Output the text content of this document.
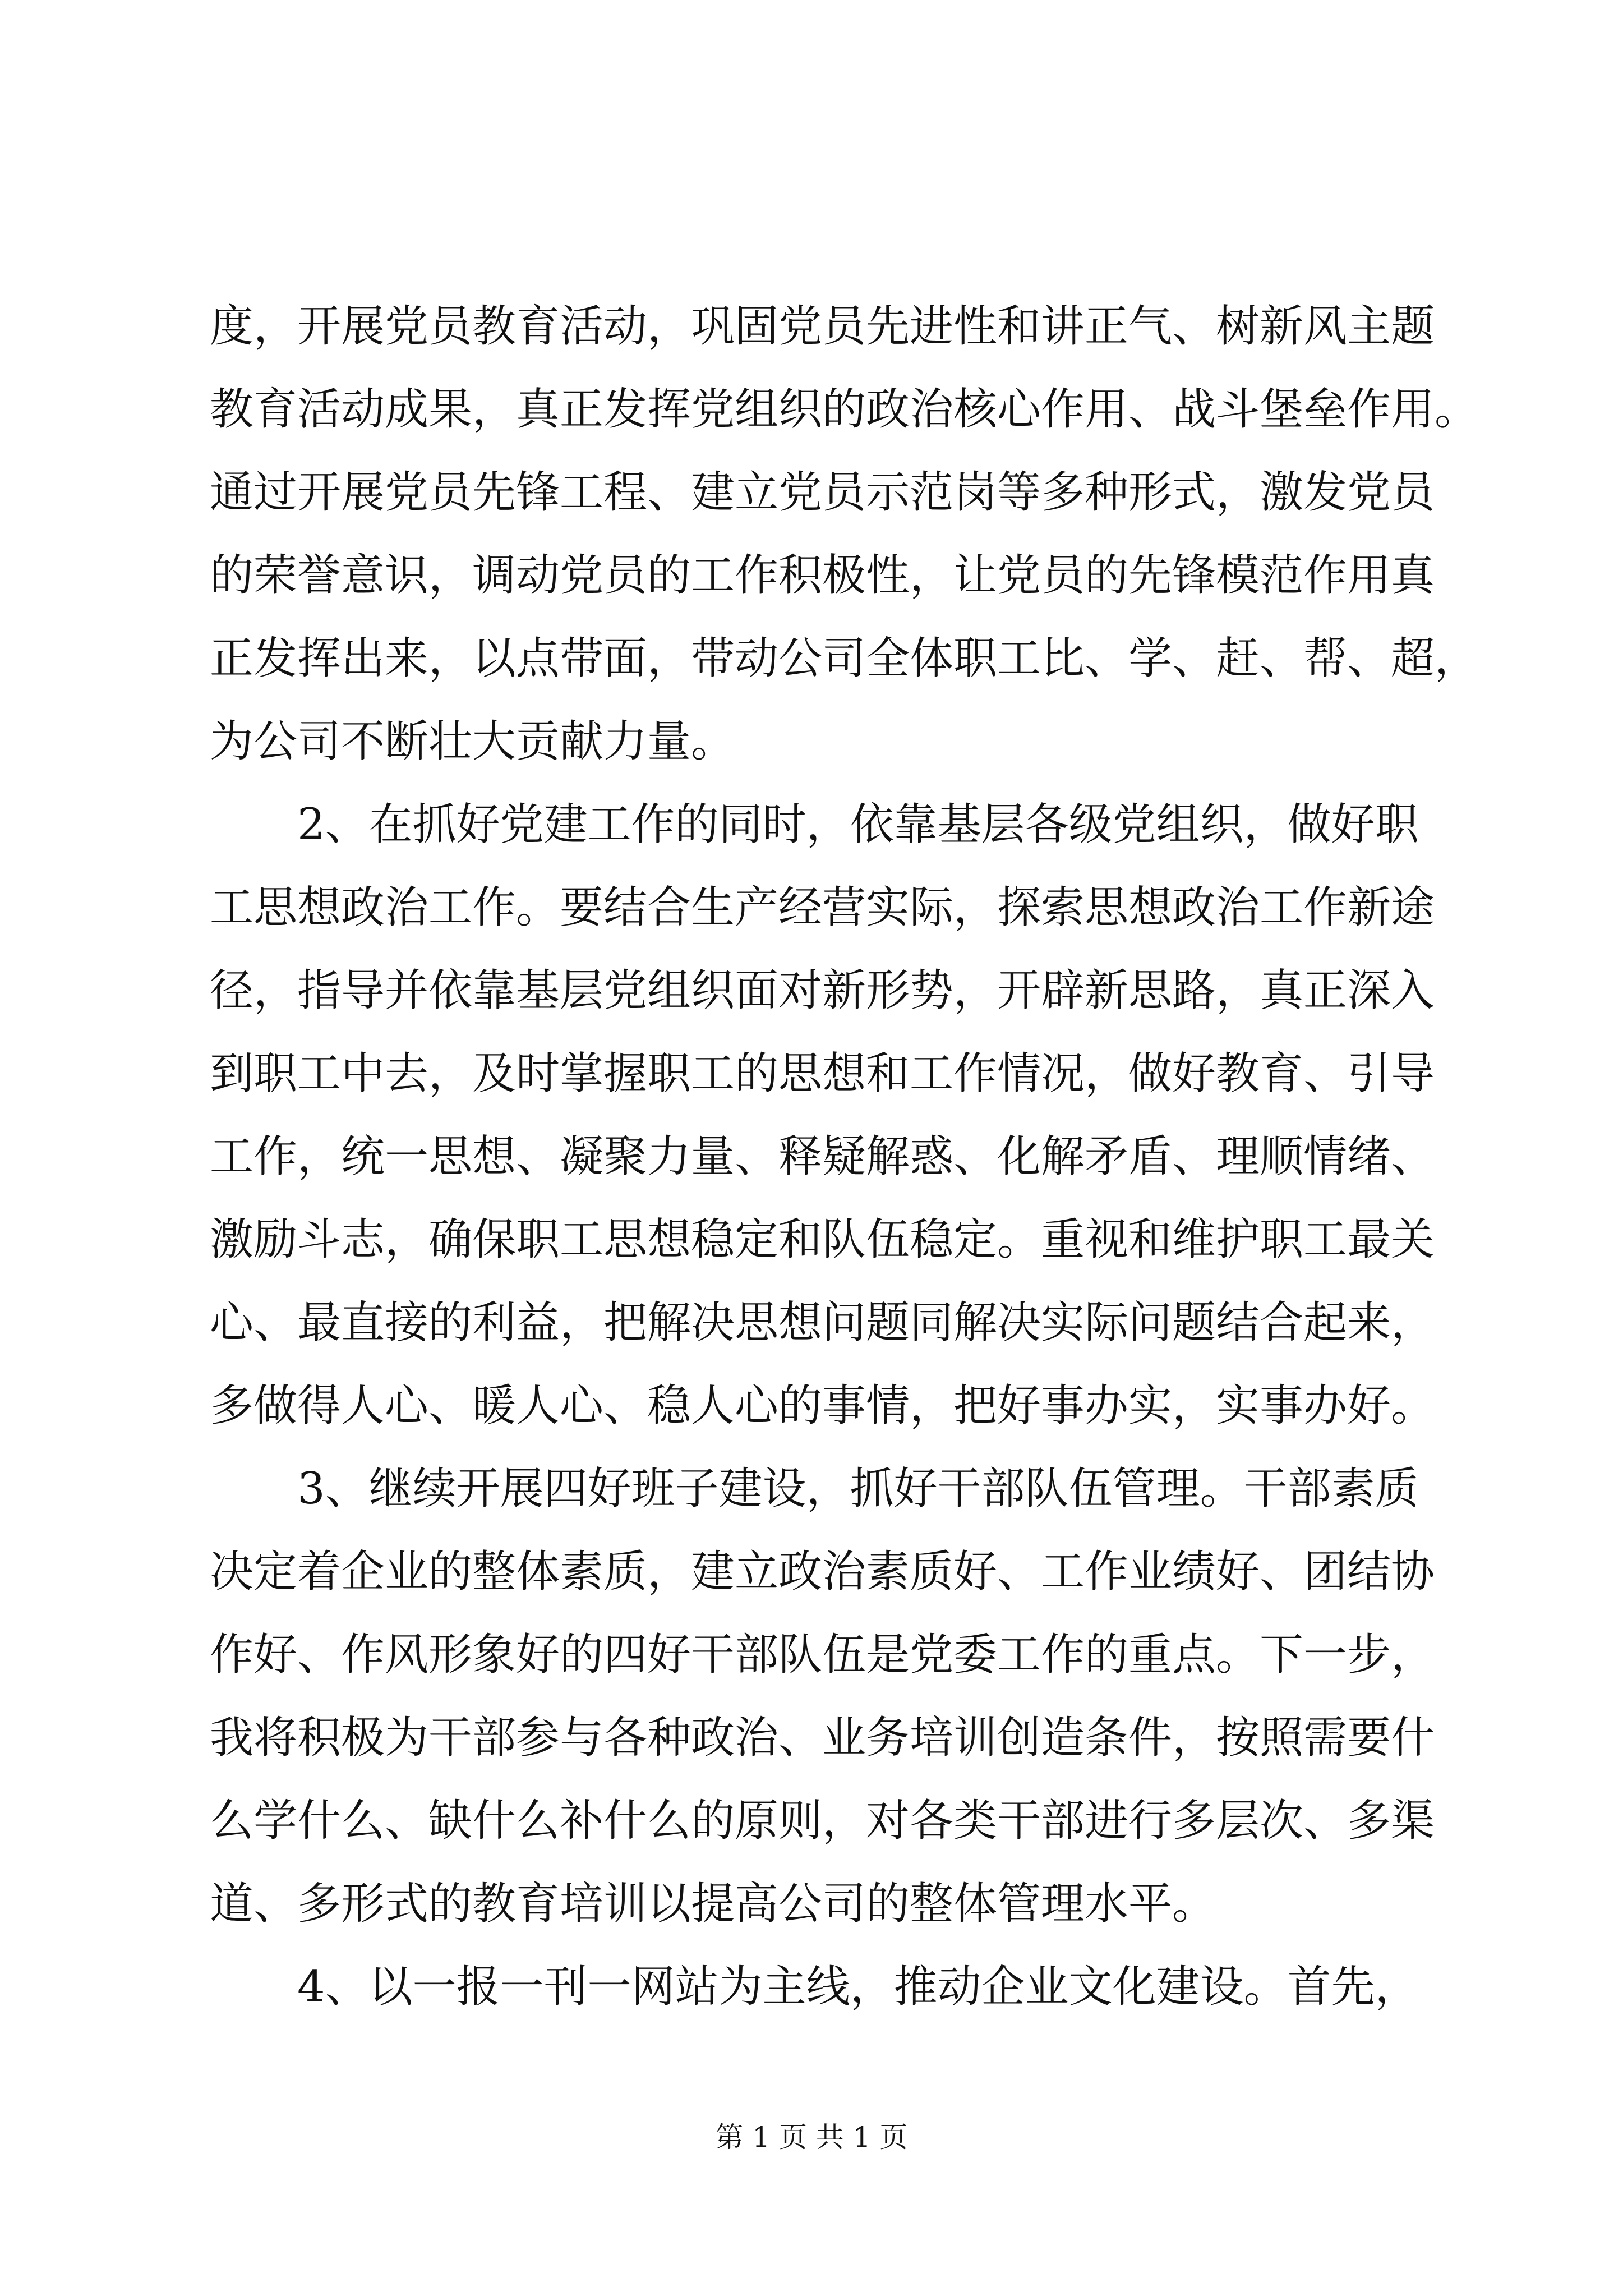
度，开展党员教育活动，巩固党员先进性和讲正气、树新风主题
教育活动成果，真正发挥党组织的政治核心作用、战斗堡垒作用。
通过开展党员先锋工程、建立党员示范岗等多种形式，激发党员
的荣誉意识，调动党员的工作积极性，让党员的先锋模范作用真
正发挥出来，以点带面，带动公司全体职工比、学、赶、帮、超，
为公司不断壮大贡献力量。
2、在抓好党建工作的同时，依靠基层各级党组织，做好职
工思想政治工作。要结合生产经营实际，探索思想政治工作新途
径，指导并依靠基层党组织面对新形势，开辟新思路，真正深入
到职工中去，及时掌握职工的思想和工作情况，做好教育、引导
工作，统一思想、凝聚力量、释疑解惑、化解矛盾、理顺情绪、
激励斗志，确保职工思想稳定和队伍稳定。重视和维护职工最关
心、最直接的利益，把解决思想问题同解决实际问题结合起来，
多做得人心、暖人心、稳人心的事情，把好事办实，实事办好。
3、继续开展四好班子建设，抓好干部队伍管理。干部素质
决定着企业的整体素质，建立政治素质好、工作业绩好、团结协
作好、作风形象好的四好干部队伍是党委工作的重点。下一步，
我将积极为干部参与各种政治、业务培训创造条件，按照需要什
么学什么、缺什么补什么的原则，对各类干部进行多层次、多渠
道、多形式的教育培训以提高公司的整体管理水平。
4、以一报一刊一网站为主线，推动企业文化建设。首先，
第 1 页 共 1 页
